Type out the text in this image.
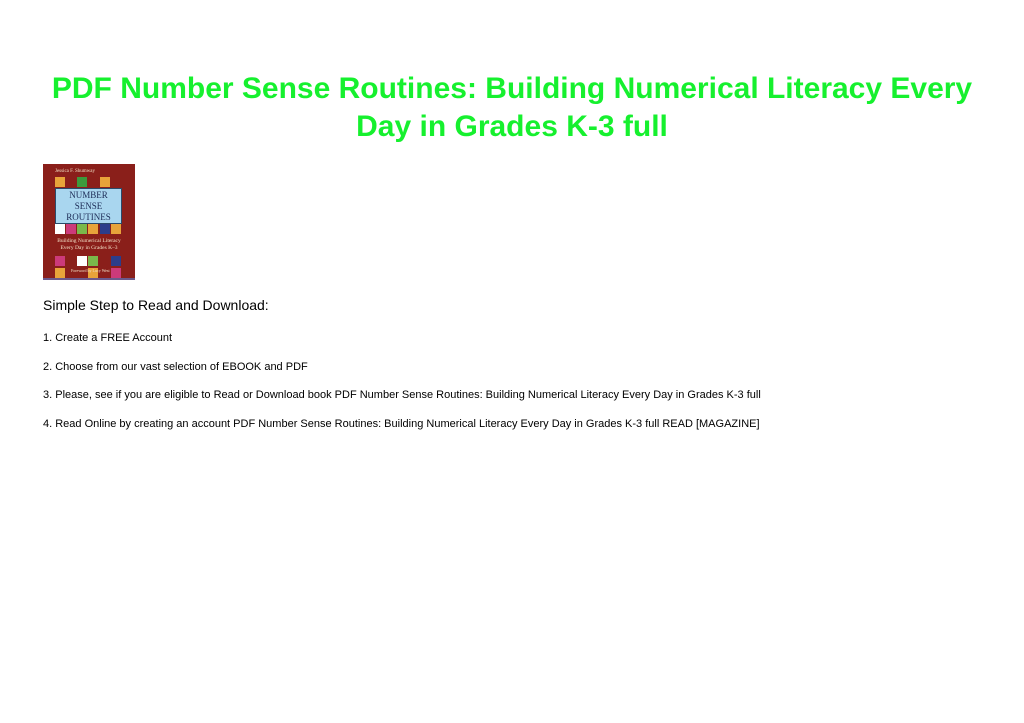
PDF Number Sense Routines: Building Numerical Literacy Every Day in Grades K-3 full
Jessica F. Shumway
NUMBER
SENSE
ROUTINES
Building Numerical Literacy Every Day in Grades K–3
Foreword by Lucy West
Simple Step to Read and Download:
1. Create a FREE Account
2. Choose from our vast selection of EBOOK and PDF
3. Please, see if you are eligible to Read or Download book PDF Number Sense Routines: Building Numerical Literacy Every Day in Grades K-3 full
4. Read Online by creating an account PDF Number Sense Routines: Building Numerical Literacy Every Day in Grades K-3 full READ [MAGAZINE]
